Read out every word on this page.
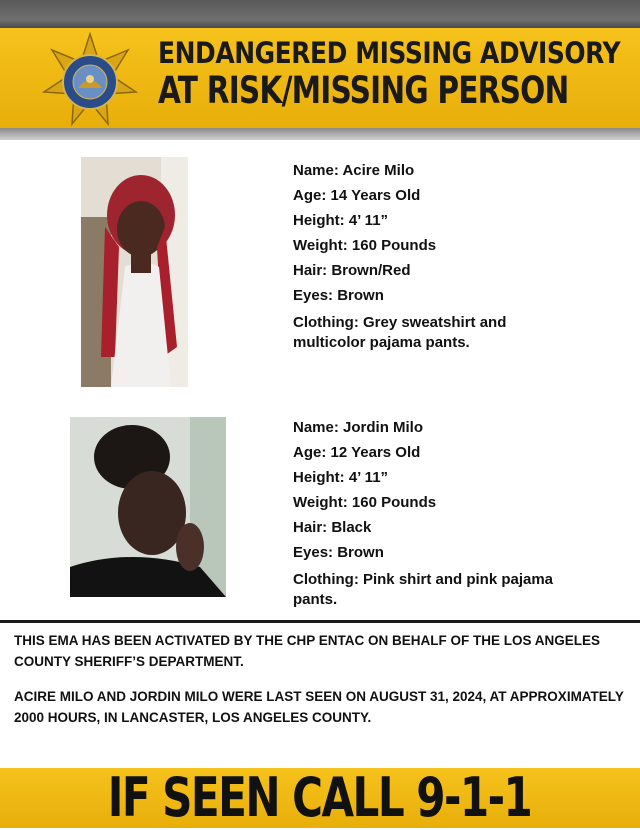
ENDANGERED MISSING ADVISORY
AT RISK/MISSING PERSON
Name: Acire Milo
Age: 14 Years Old
Height: 4’ 11”
Weight: 160 Pounds
Hair: Brown/Red
Eyes: Brown
Clothing: Grey sweatshirt and multicolor pajama pants.
Name: Jordin Milo
Age: 12 Years Old
Height: 4’ 11”
Weight: 160 Pounds
Hair: Black
Eyes: Brown
Clothing: Pink shirt and pink pajama pants.
THIS EMA HAS BEEN ACTIVATED BY THE CHP ENTAC ON BEHALF OF THE LOS ANGELES COUNTY SHERIFF’S DEPARTMENT.
ACIRE MILO AND JORDIN MILO WERE LAST SEEN ON AUGUST 31, 2024, AT APPROXIMATELY 2000 HOURS, IN LANCASTER, LOS ANGELES COUNTY.
IF SEEN CALL 9-1-1
